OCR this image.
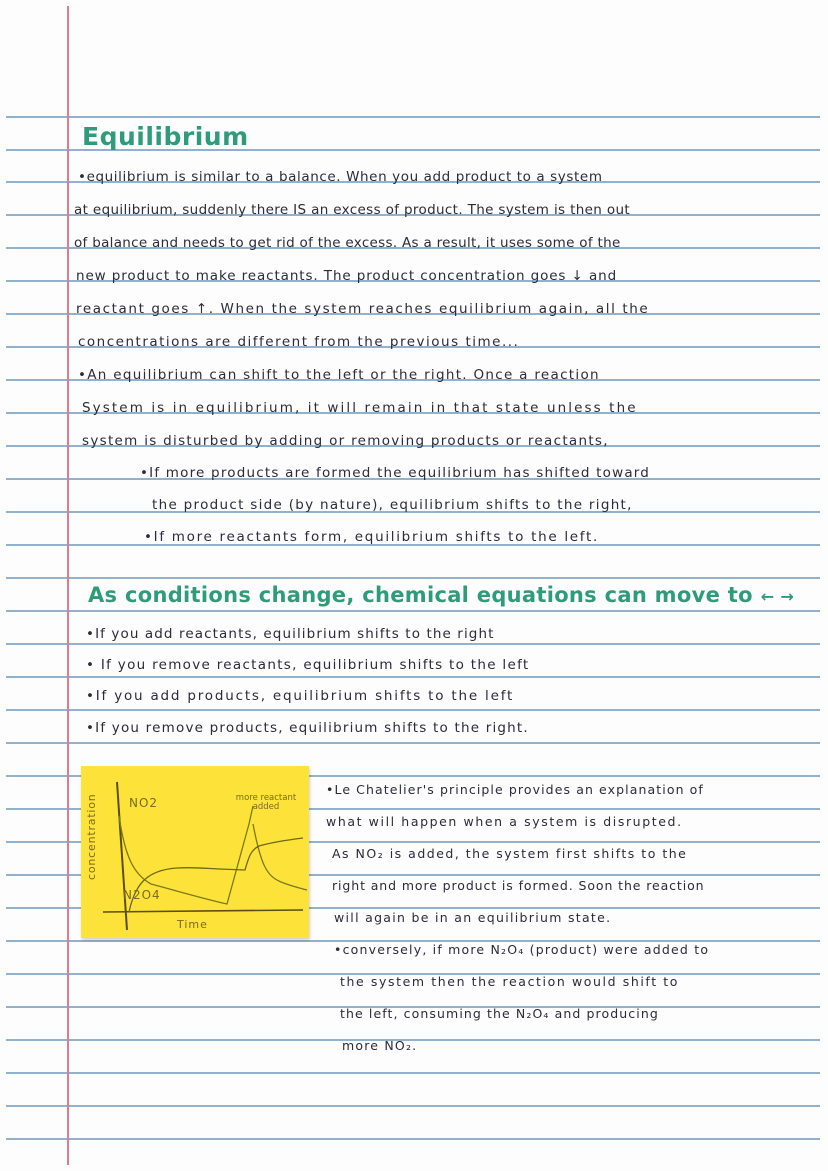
Equilibrium
•equilibrium is similar to a balance. When you add product to a system
at equilibrium, suddenly there IS an excess of product. The system is then out
of balance and needs to get rid of the excess. As a result, it uses some of the
new product to make reactants. The product concentration goes ↓ and
reactant goes ↑. When the system reaches equilibrium again, all the
concentrations are different from the previous time...
•An equilibrium can shift to the left or the right. Once a reaction
System is in equilibrium, it will remain in that state unless the
system is disturbed by adding or removing products or reactants,
•If more products are formed the equilibrium has shifted toward
the product side (by nature), equilibrium shifts to the right,
•If more reactants form, equilibrium shifts to the left.
As conditions change, chemical equations can move to ← →
•If you add reactants, equilibrium shifts to the right
• If you remove reactants, equilibrium shifts to the left
•If you add products, equilibrium shifts to the left
•If you remove products, equilibrium shifts to the right.
concentration	NO2
N2O4
more reactant added
Time
•Le Chatelier's principle provides an explanation of
what will happen when a system is disrupted.
As NO₂ is added, the system first shifts to the
right and more product is formed. Soon the reaction
will again be in an equilibrium state.
•conversely, if more N₂O₄ (product) were added to
the system then the reaction would shift to
the left, consuming the N₂O₄ and producing
more NO₂.
